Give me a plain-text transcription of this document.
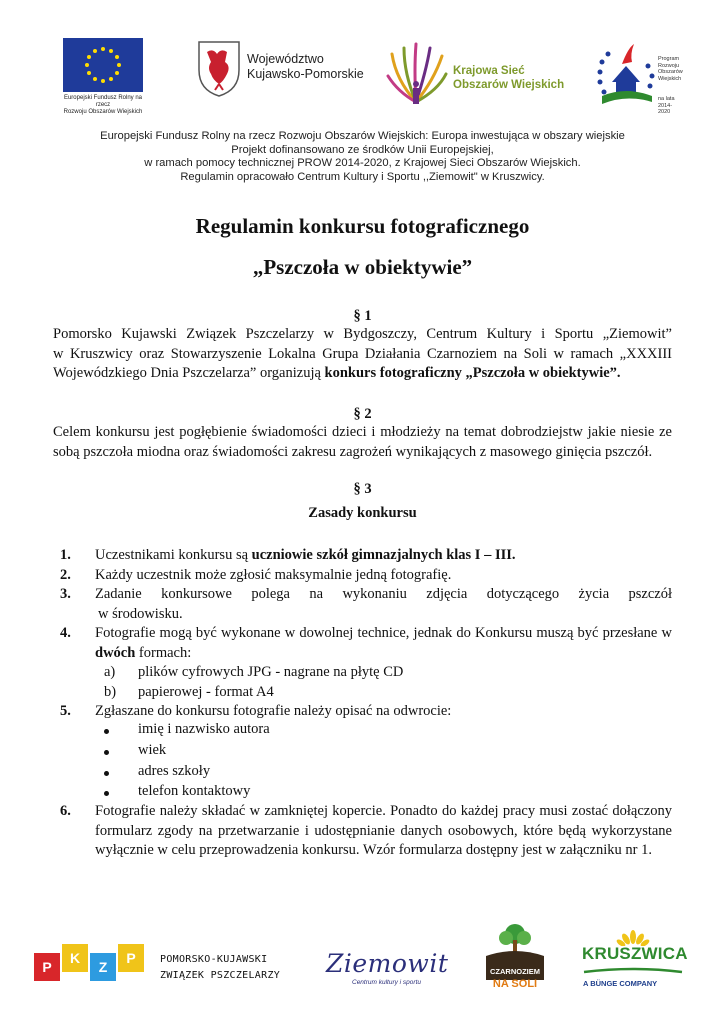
Europejski Fundusz Rolny na rzecz
Rozwoju Obszarów Wiejskich
Województwo
Kujawsko-Pomorskie	Krajowa Sieć
Obszarów Wiejskich
Program
Rozwoju
Obszarów
Wiejskich
na lata 2014-2020
Europejski Fundusz Rolny na rzecz Rozwoju Obszarów Wiejskich: Europa inwestująca w obszary wiejskie
Projekt dofinansowano ze środków Unii Europejskiej,
w ramach pomocy technicznej PROW 2014-2020, z Krajowej Sieci Obszarów Wiejskich.
Regulamin opracowało Centrum Kultury i Sportu ,,Ziemowit" w Kruszwicy.
Regulamin konkursu fotograficznego
„Pszczoła w obiektywie”
§ 1
Pomorsko Kujawski Związek Pszczelarzy w Bydgoszczy, Centrum Kultury i Sportu „Ziemowit”
w Kruszwicy oraz Stowarzyszenie Lokalna Grupa Działania Czarnoziem na Soli w ramach „XXXIII
Wojewódzkiego Dnia Pszczelarza” organizują konkurs fotograficzny „Pszczoła w obiektywie”.
§ 2
Celem konkursu jest pogłębienie świadomości dzieci i młodzieży na temat dobrodziejstw jakie niesie ze
sobą pszczoła miodna oraz świadomości zakresu zagrożeń wynikających z masowego ginięcia pszczół.
§ 3
Zasady konkursu
1. Uczestnikami konkursu są uczniowie szkół gimnazjalnych klas I – III.
2. Każdy uczestnik może zgłosić maksymalnie jedną fotografię.
3. Zadanie konkursowe polega na wykonaniu zdjęcia dotyczącego życia pszczół
w środowisku.
4. Fotografie mogą być wykonane w dowolnej technice, jednak do Konkursu muszą być przesłane w
dwóch formach:
a) plików cyfrowych JPG - nagrane na płytę CD
b) papierowej - format A4
5. Zgłaszane do konkursu fotografie należy opisać na odwrocie:
imię i nazwisko autora
wiek
adres szkoły
telefon kontaktowy
6. Fotografie należy składać w zamkniętej kopercie. Ponadto do każdej pracy musi zostać dołączony
formularz zgody na przetwarzanie i udostępnianie danych osobowych, które będą wykorzystane
wyłącznie w celu przeprowadzenia konkursu. Wzór formularza dostępny jest w załączniku nr 1.
P
K
Z
P	POMORSKO-KUJAWSKI
ZWIĄZEK PSZCZELARZY Ziemowit
Centrum kultury i sportu
CZARNOZIEM
NA SOLI
KRUSZWICA
A BÜNGE COMPANY
